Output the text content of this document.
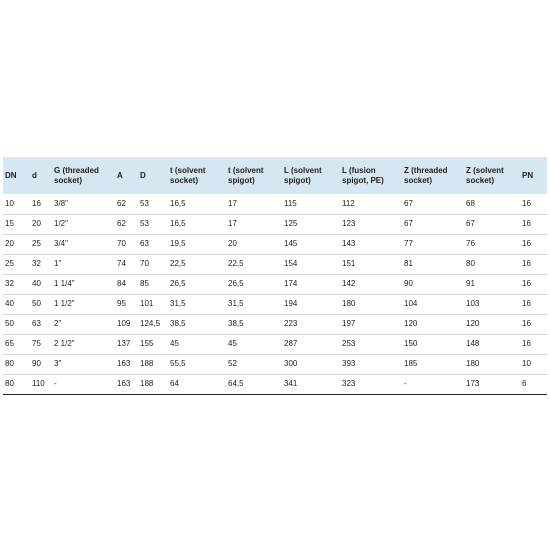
DN	d	G (threaded socket)	A	D	t (solvent socket)	t (solvent spigot)	L (solvent spigot)	L (fusion spigot, PE)	Z (threaded socket)	Z (solvent socket)	PN
10	16	3/8"	62	53	16,5	17	115	112	67	68	16
15	20	1/2"	62	53	16,5	17	125	123	67	67	16
20	25	3/4"	70	63	19,5	20	145	143	77	76	16
25	32	1"	74	70	22,5	22,5	154	151	81	80	16
32	40	1 1/4"	84	85	26,5	26,5	174	142	90	91	16
40	50	1 1/2"	95	101	31,5	31,5	194	180	104	103	16
50	63	2"	109	124,5	38,5	38,5	223	197	120	120	16
65	75	2 1/2"	137	155	45	45	287	253	150	148	16
80	90	3"	163	188	55,5	52	300	393	185	180	10
80	110	-	163	188	64	64,5	341	323	-	173	6
